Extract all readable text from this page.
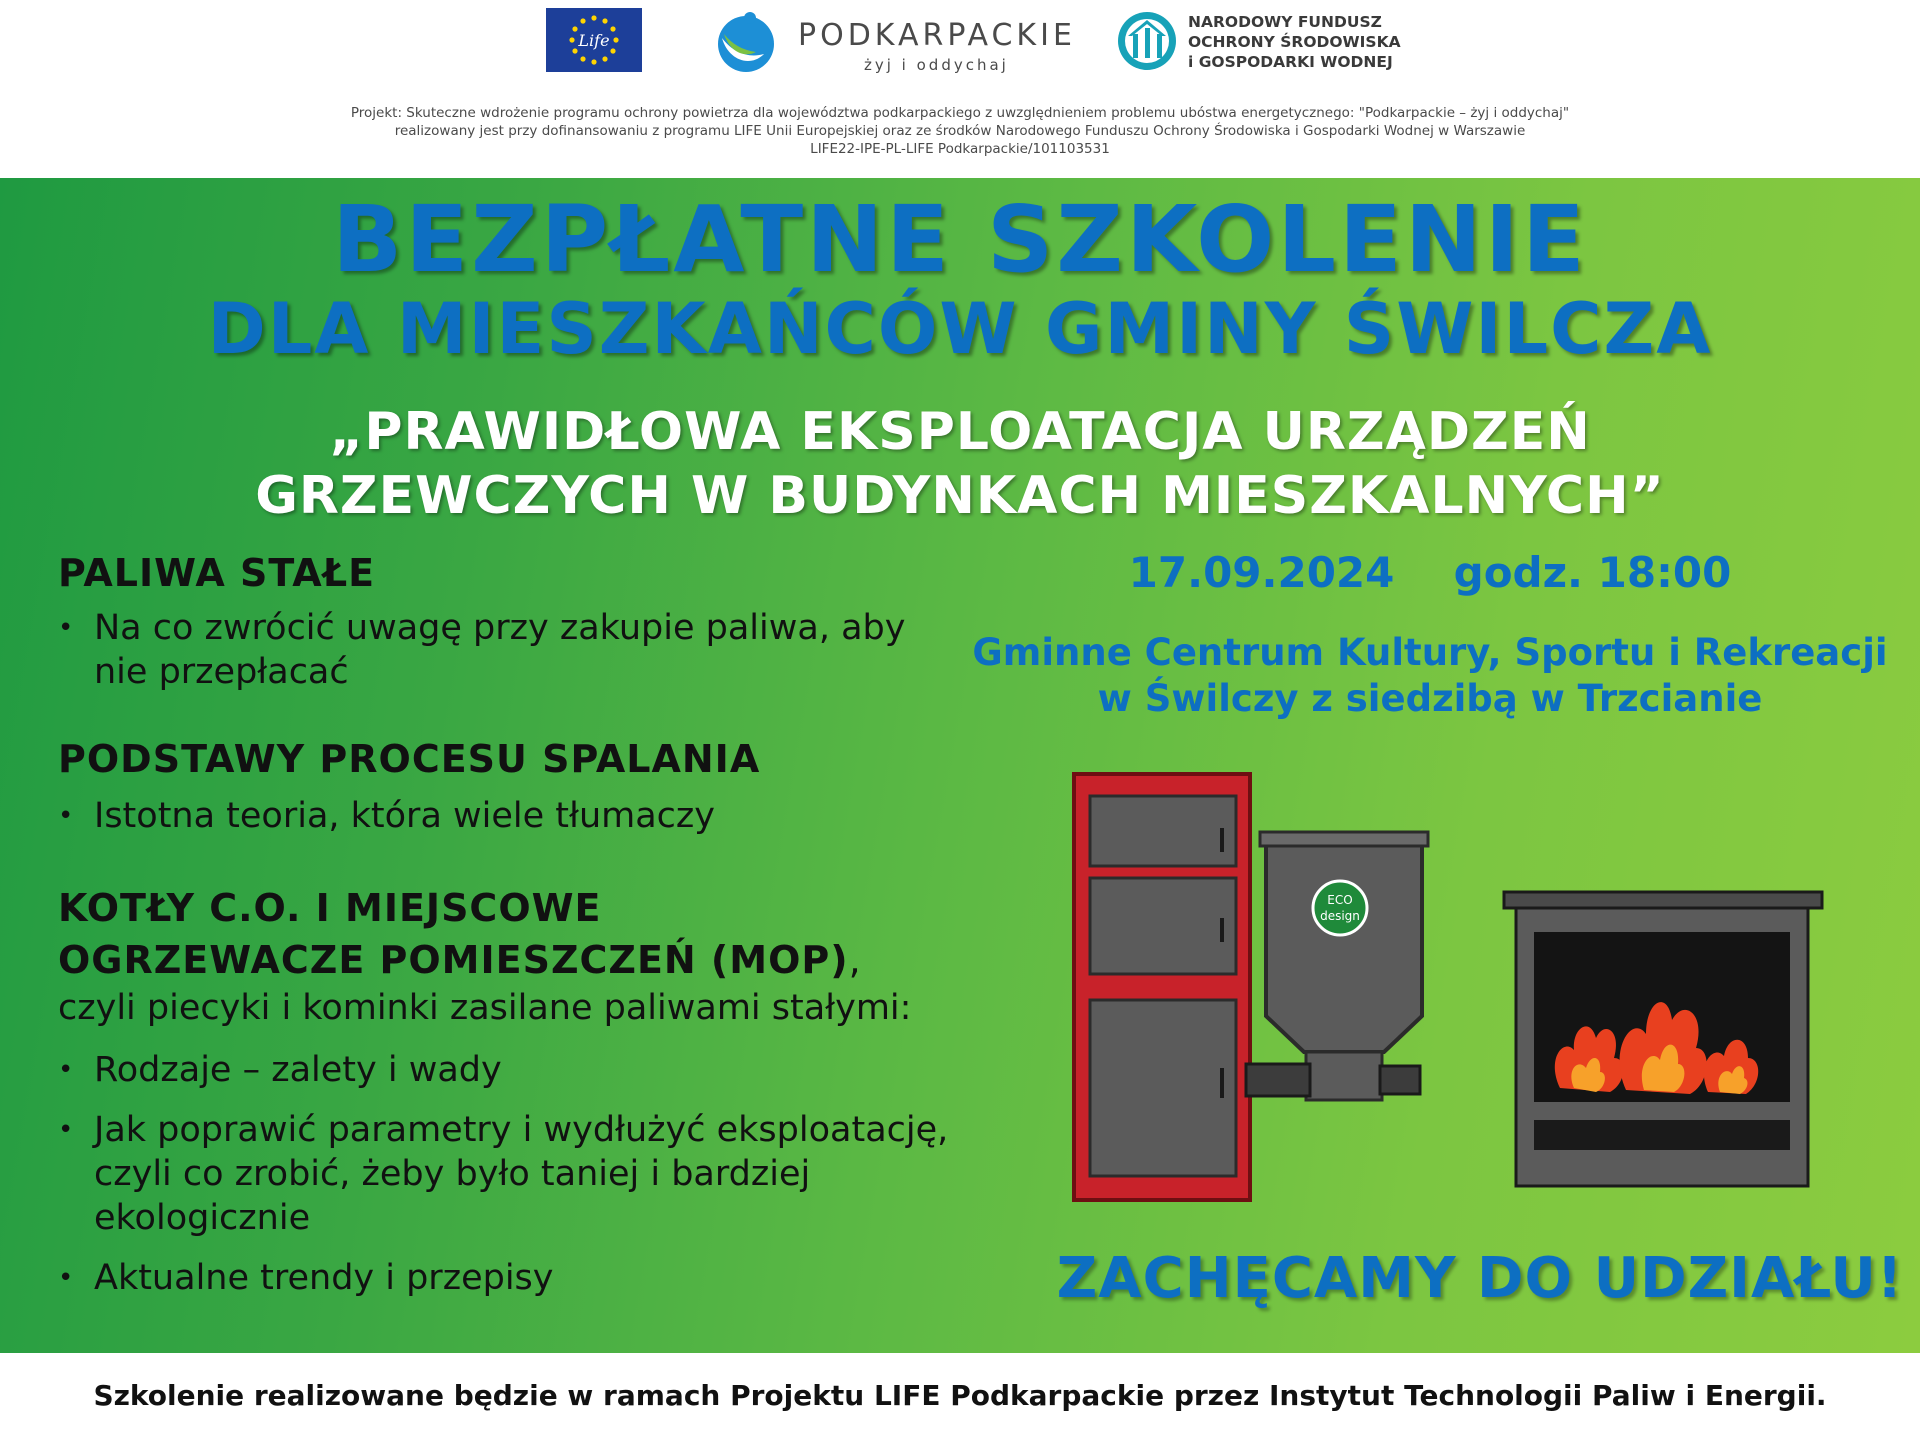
Life	PODKARPACKIE
żyj i oddychaj
NARODOWY FUNDUSZ
OCHRONY ŚRODOWISKA
i GOSPODARKI WODNEJ
Projekt: Skuteczne wdrożenie programu ochrony powietrza dla województwa podkarpackiego z uwzględnieniem problemu ubóstwa energetycznego: "Podkarpackie – żyj i oddychaj"
realizowany jest przy dofinansowaniu z programu LIFE Unii Europejskiej oraz ze środków Narodowego Funduszu Ochrony Środowiska i Gospodarki Wodnej w Warszawie
LIFE22-IPE-PL-LIFE Podkarpackie/101103531
BEZPŁATNE SZKOLENIE
DLA MIESZKAŃCÓW GMINY ŚWILCZA
„PRAWIDŁOWA EKSPLOATACJA URZĄDZEŃ
GRZEWCZYCH W BUDYNKACH MIESZKALNYCH”
PALIWA STAŁE
• Na co zwrócić uwagę przy zakupie paliwa, aby nie przepłacać
PODSTAWY PROCESU SPALANIA
• Istotna teoria, która wiele tłumaczy
KOTŁY C.O. I MIEJSCOWE
OGRZEWACZE POMIESZCZEŃ (MOP),
czyli piecyki i kominki zasilane paliwami stałymi:
• Rodzaje – zalety i wady
• Jak poprawić parametry i wydłużyć eksploatację, czyli co zrobić, żeby było taniej i bardziej ekologicznie
• Aktualne trendy i przepisy
17.09.2024 godz. 18:00
Gminne Centrum Kultury, Sportu i Rekreacji
w Świlczy z siedzibą w Trzcianie
ECO
design
ZACHĘCAMY DO UDZIAŁU!
Szkolenie realizowane będzie w ramach Projektu LIFE Podkarpackie przez Instytut Technologii Paliw i Energii.
